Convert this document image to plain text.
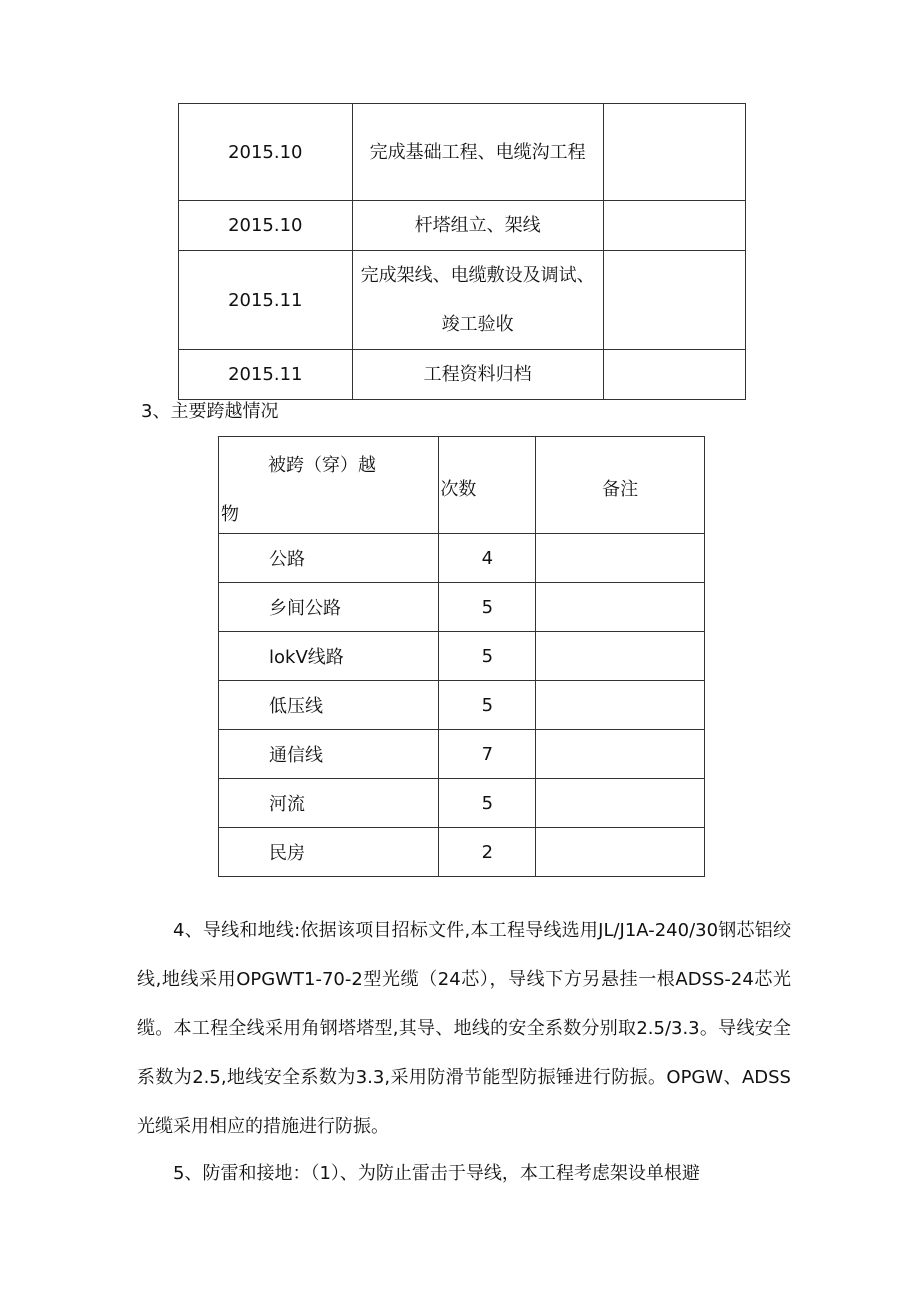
2015.10	完成基础工程、电缆沟工程	
2015.10	杆塔组立、架线	
2015.11	完成架线、电缆敷设及调试、竣工验收	
2015.11	工程资料归档	
3、主要跨越情况
被跨（穿）越
物	次数	备注
公路	4	
乡间公路	5	
lokV线路	5	
低压线	5	
通信线	7	
河流	5	
民房	2	

4、导线和地线:依据该项目招标文件,本工程导线选用JL/J1A-240/30钢芯铝绞线,地线采用OPGWT1-70-2型光缆（24芯），导线下方另悬挂一根ADSS-24芯光缆。本工程全线采用角钢塔塔型,其导、地线的安全系数分别取2.5/3.3。导线安全系数为2.5,地线安全系数为3.3,采用防滑节能型防振锤进行防振。OPGW、ADSS光缆采用相应的措施进行防振。

5、防雷和接地：（1）、为防止雷击于导线，本工程考虑架设单根避
